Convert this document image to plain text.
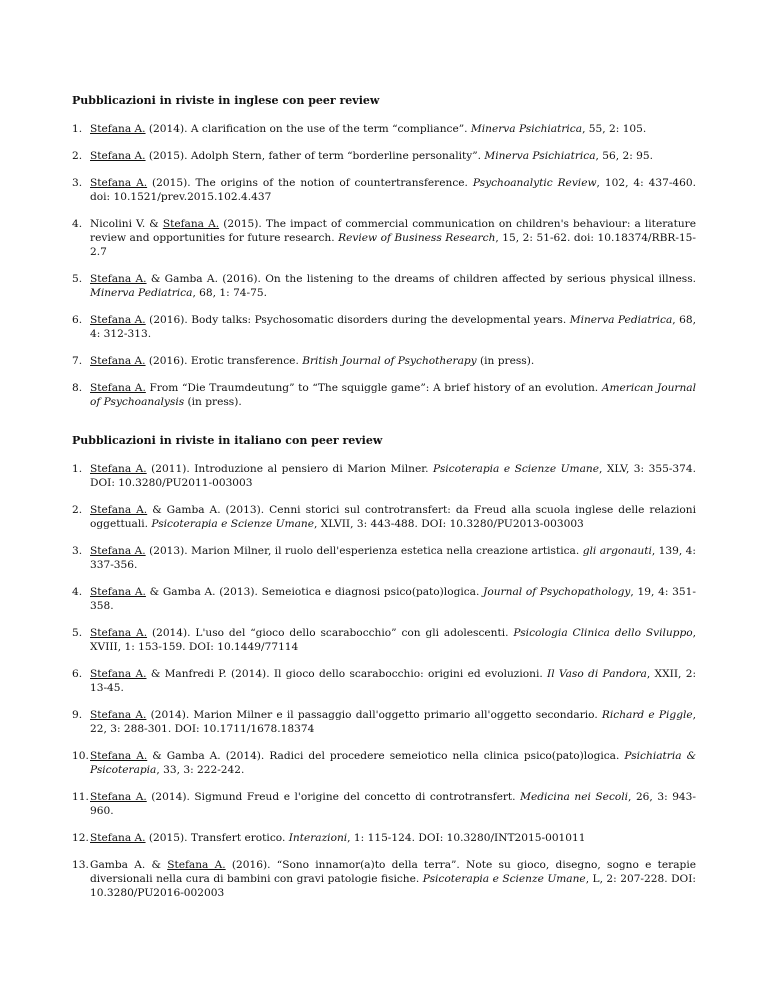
Pubblicazioni in riviste in inglese con peer review

1. Stefana A. (2014). A clarification on the use of the term “compliance”. Minerva Psichiatrica, 55, 2: 105.
2. Stefana A. (2015). Adolph Stern, father of term “borderline personality”. Minerva Psichiatrica, 56, 2: 95.
3. Stefana A. (2015). The origins of the notion of countertransference. Psychoanalytic Review, 102, 4: 437-460. doi: 10.1521/prev.2015.102.4.437
4. Nicolini V. & Stefana A. (2015). The impact of commercial communication on children's behaviour: a literature review and opportunities for future research. Review of Business Research, 15, 2: 51-62. doi: 10.18374/RBR-15-2.7
5. Stefana A. & Gamba A. (2016). On the listening to the dreams of children affected by serious physical illness. Minerva Pediatrica, 68, 1: 74-75.
6. Stefana A. (2016). Body talks: Psychosomatic disorders during the developmental years. Minerva Pediatrica, 68, 4: 312-313.
7. Stefana A. (2016). Erotic transference. British Journal of Psychotherapy (in press).
8. Stefana A. From “Die Traumdeutung” to “The squiggle game”: A brief history of an evolution. American Journal of Psychoanalysis (in press).

Pubblicazioni in riviste in italiano con peer review

1. Stefana A. (2011). Introduzione al pensiero di Marion Milner. Psicoterapia e Scienze Umane, XLV, 3: 355-374. DOI: 10.3280/PU2011-003003
2. Stefana A. & Gamba A. (2013). Cenni storici sul controtransfert: da Freud alla scuola inglese delle relazioni oggettuali. Psicoterapia e Scienze Umane, XLVII, 3: 443-488. DOI: 10.3280/PU2013-003003
3. Stefana A. (2013). Marion Milner, il ruolo dell'esperienza estetica nella creazione artistica. gli argonauti, 139, 4: 337-356.
4. Stefana A. & Gamba A. (2013). Semeiotica e diagnosi psico(pato)logica. Journal of Psychopathology, 19, 4: 351-358.
5. Stefana A. (2014). L'uso del “gioco dello scarabocchio” con gli adolescenti. Psicologia Clinica dello Sviluppo, XVIII, 1: 153-159. DOI: 10.1449/77114
6. Stefana A. & Manfredi P. (2014). Il gioco dello scarabocchio: origini ed evoluzioni. Il Vaso di Pandora, XXII, 2: 13-45.
9. Stefana A. (2014). Marion Milner e il passaggio dall'oggetto primario all'oggetto secondario. Richard e Piggle, 22, 3: 288-301. DOI: 10.1711/1678.18374
10. Stefana A. & Gamba A. (2014). Radici del procedere semeiotico nella clinica psico(pato)logica. Psichiatria & Psicoterapia, 33, 3: 222-242.
11. Stefana A. (2014). Sigmund Freud e l'origine del concetto di controtransfert. Medicina nei Secoli, 26, 3: 943-960.
12. Stefana A. (2015). Transfert erotico. Interazioni, 1: 115-124. DOI: 10.3280/INT2015-001011
13. Gamba A. & Stefana A. (2016). “Sono innamor(a)to della terra”. Note su gioco, disegno, sogno e terapie diversionali nella cura di bambini con gravi patologie fisiche. Psicoterapia e Scienze Umane, L, 2: 207-228. DOI: 10.3280/PU2016-002003
